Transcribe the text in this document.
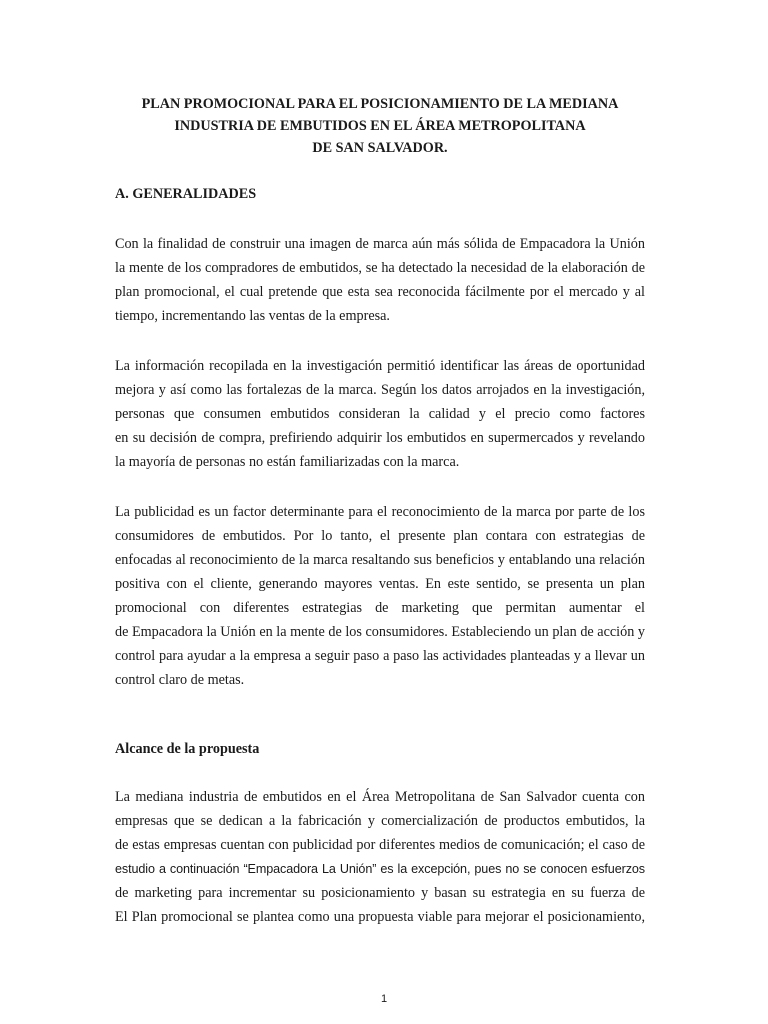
PLAN PROMOCIONAL PARA EL POSICIONAMIENTO DE LA MEDIANA
INDUSTRIA DE EMBUTIDOS EN EL ÁREA METROPOLITANA
DE SAN SALVADOR.
A. GENERALIDADES
Con la finalidad de construir una imagen de marca aún más sólida de Empacadora la Unión
la mente de los compradores de embutidos, se ha detectado la necesidad de la elaboración de
plan promocional, el cual pretende que esta sea reconocida fácilmente por el mercado y al
tiempo, incrementando las ventas de la empresa.
La información recopilada en la investigación permitió identificar las áreas de oportunidad
mejora y así como las fortalezas de la marca. Según los datos arrojados en la investigación,
personas que consumen embutidos consideran la calidad y el precio como factores
en su decisión de compra, prefiriendo adquirir los embutidos en supermercados y revelando
la mayoría de personas no están familiarizadas con la marca.
La publicidad es un factor determinante para el reconocimiento de la marca por parte de los
consumidores de embutidos. Por lo tanto, el presente plan contara con estrategias de
enfocadas al reconocimiento de la marca resaltando sus beneficios y entablando una relación
positiva con el cliente, generando mayores ventas. En este sentido, se presenta un plan
promocional con diferentes estrategias de marketing que permitan aumentar el
de Empacadora la Unión en la mente de los consumidores. Estableciendo un plan de acción y
control para ayudar a la empresa a seguir paso a paso las actividades planteadas y a llevar un
control claro de metas.
Alcance de la propuesta
La mediana industria de embutidos en el Área Metropolitana de San Salvador cuenta con
empresas que se dedican a la fabricación y comercialización de productos embutidos, la
de estas empresas cuentan con publicidad por diferentes medios de comunicación; el caso de
estudio a continuación “Empacadora La Unión” es la excepción, pues no se conocen esfuerzos
de marketing para incrementar su posicionamiento y basan su estrategia en su fuerza de
El Plan promocional se plantea como una propuesta viable para mejorar el posicionamiento,
1
